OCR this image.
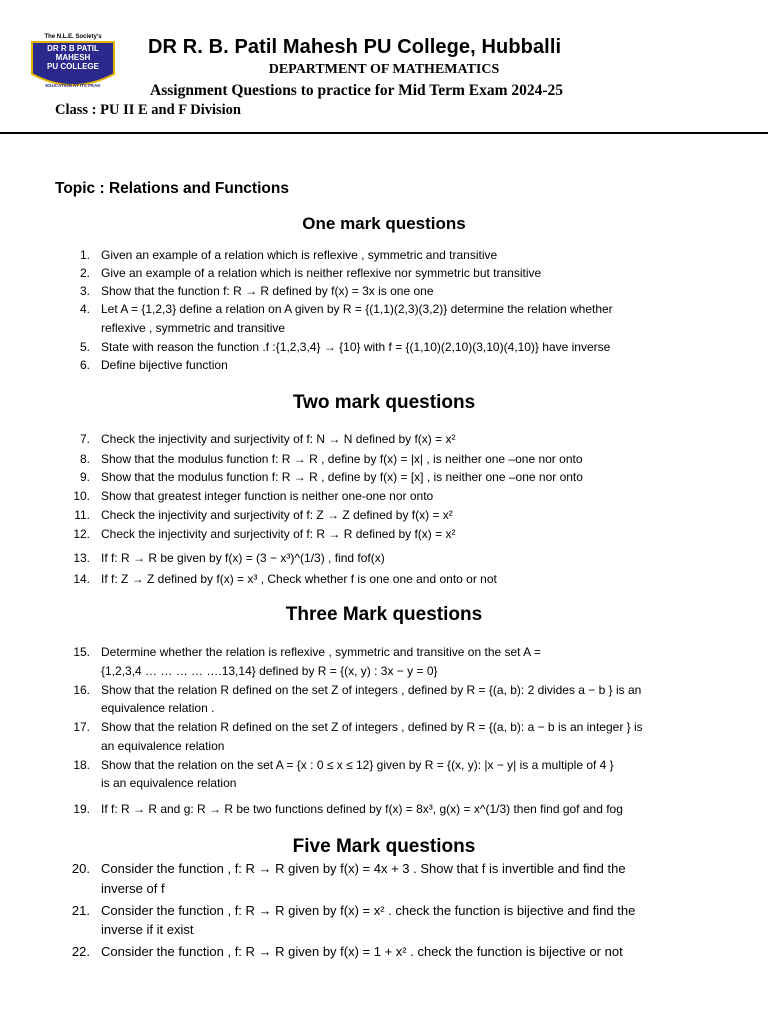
The N.L.E. Society's
DR R B PATIL
MAHESH
PU COLLEGE
EDUCATION AT ITS PEAK
DR R. B. Patil Mahesh PU College, Hubballi
DEPARTMENT OF MATHEMATICS
Assignment Questions to practice for Mid Term Exam 2024-25
Class : PU II E and F Division
Topic : Relations and Functions
One mark questions
Two mark questions
Three Mark questions
Five Mark questions
1. Given an example of a relation which is reflexive , symmetric and transitive
2. Give an example of a relation which is neither reflexive nor symmetric but transitive
3. Show that the function f: R → R defined by f(x) = 3x is one one
4. Let A = {1,2,3} define a relation on A given by R = {(1,1)(2,3)(3,2)} determine the relation whether
reflexive , symmetric and transitive
5. State with reason the function .f :{1,2,3,4} → {10} with f = {(1,10)(2,10)(3,10)(4,10)} have inverse
6. Define bijective function
7. Check the injectivity and surjectivity of f: N → N defined by f(x) = x²
8. Show that the modulus function f: R → R , define by f(x) = |x| , is neither one –one nor onto
9. Show that the modulus function f: R → R , define by f(x) = [x] , is neither one –one nor onto
10. Show that greatest integer function is neither one-one nor onto
11. Check the injectivity and surjectivity of f: Z → Z defined by f(x) = x²
12. Check the injectivity and surjectivity of f: R → R defined by f(x) = x²
13. If f: R → R be given by f(x) = (3 − x³)^(1/3) , find fof(x)
14. If f: Z → Z defined by f(x) = x³ , Check whether f is one one and onto or not
15. Determine whether the relation is reflexive , symmetric and transitive on the set A =
{1,2,3,4 … … … … ….13,14} defined by R = {(x, y) : 3x − y = 0}
16. Show that the relation R defined on the set Z of integers , defined by R = {(a, b): 2 divides a − b } is an
equivalence relation .
17. Show that the relation R defined on the set Z of integers , defined by R = {(a, b): a − b is an integer } is
an equivalence relation
18. Show that the relation on the set A = {x : 0 ≤ x ≤ 12} given by R = {(x, y): |x − y| is a multiple of 4 }
is an equivalence relation
19. If f: R → R and g: R → R be two functions defined by f(x) = 8x³, g(x) = x^(1/3) then find gof and fog
20. Consider the function , f: R → R given by f(x) = 4x + 3 . Show that f is invertible and find the
inverse of f
21. Consider the function , f: R → R given by f(x) = x² . check the function is bijective and find the
inverse if it exist
22. Consider the function , f: R → R given by f(x) = 1 + x² . check the function is bijective or not
